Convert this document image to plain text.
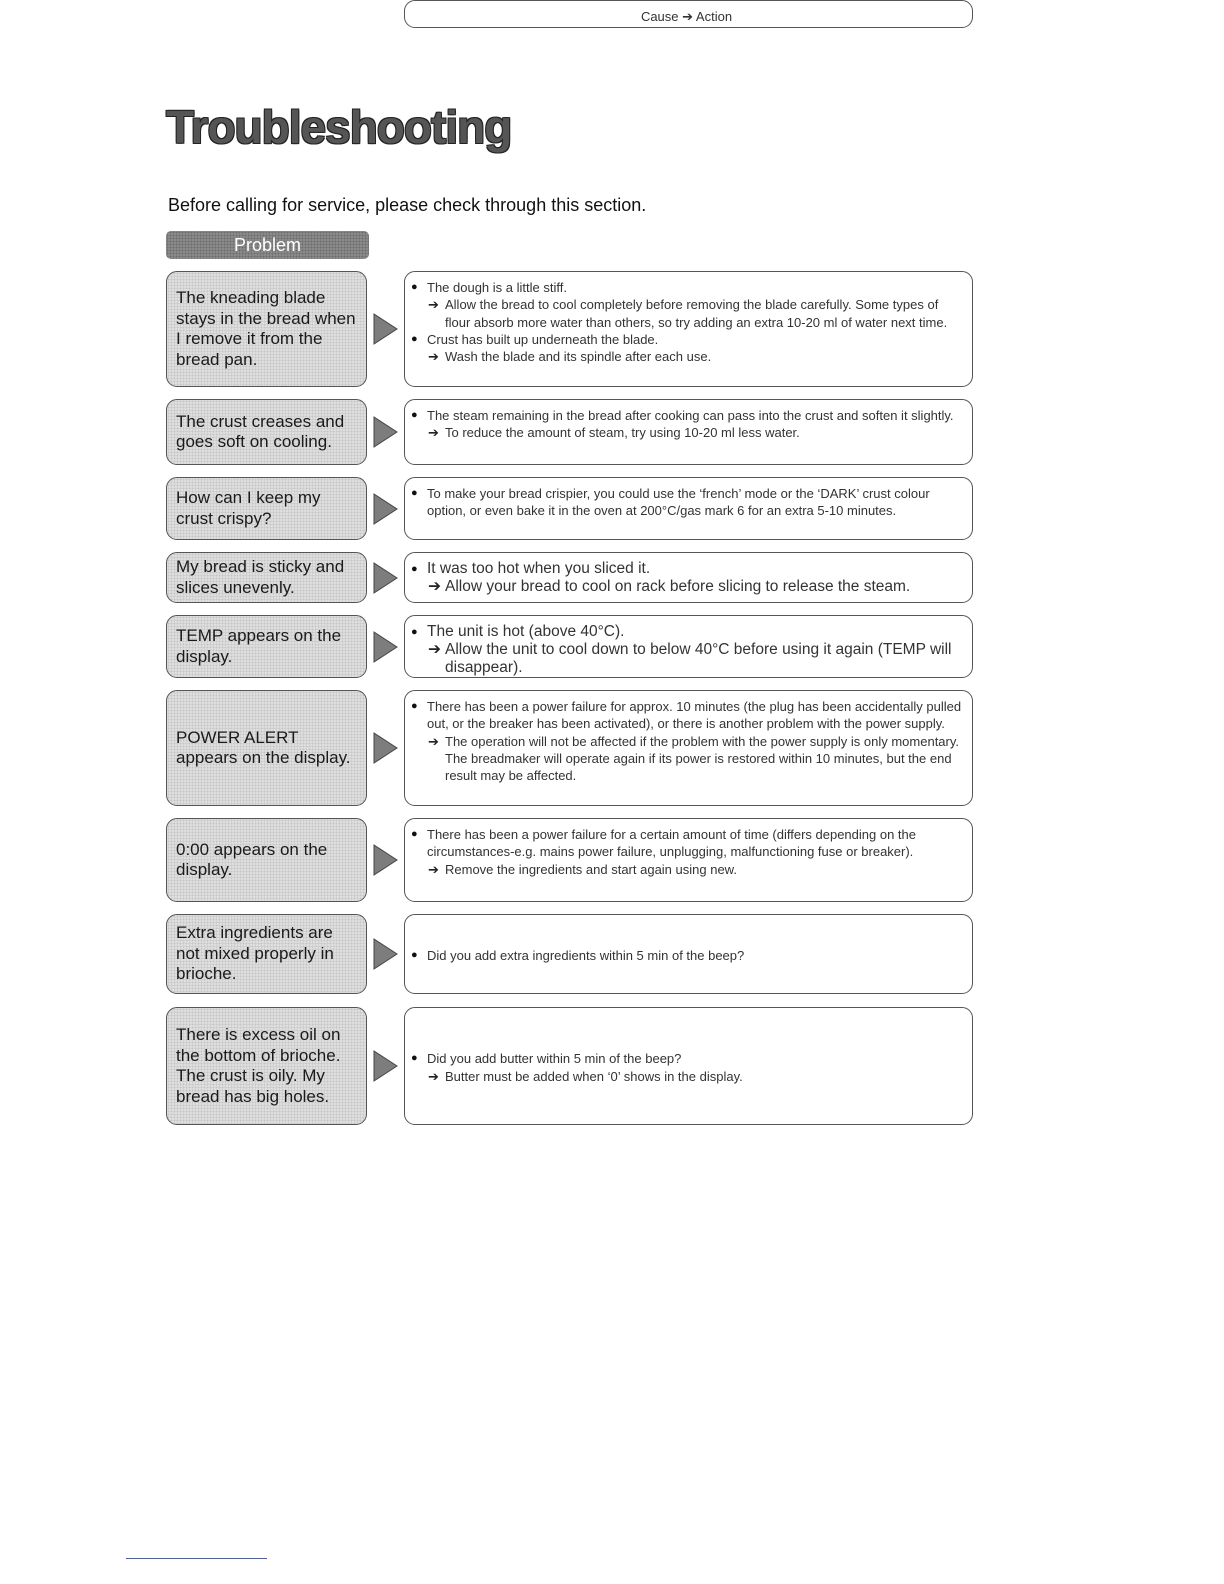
Troubleshooting
Before calling for service, please check through this section.
Problem
Cause ➔ Action
The kneading blade stays in the bread when I remove it from the bread pan.
● The dough is a little stiff.
➔ Allow the bread to cool completely before removing the blade carefully. Some types of flour absorb more water than others, so try adding an extra 10-20 ml of water next time.
● Crust has built up underneath the blade.
➔ Wash the blade and its spindle after each use.
The crust creases and goes soft on cooling.
● The steam remaining in the bread after cooking can pass into the crust and soften it slightly.
➔ To reduce the amount of steam, try using 10-20 ml less water.
How can I keep my crust crispy?
● To make your bread crispier, you could use the ‘french’ mode or the ‘DARK’ crust colour option, or even bake it in the oven at 200°C/gas mark 6 for an extra 5-10 minutes.
My bread is sticky and slices unevenly.
● It was too hot when you sliced it.
➔ Allow your bread to cool on rack before slicing to release the steam.
TEMP appears on the display.
● The unit is hot (above 40°C).
➔ Allow the unit to cool down to below 40°C before using it again (TEMP will disappear).
POWER ALERT appears on the display.
● There has been a power failure for approx. 10 minutes (the plug has been accidentally pulled out, or the breaker has been activated), or there is another problem with the power supply.
➔ The operation will not be affected if the problem with the power supply is only momentary. The breadmaker will operate again if its power is restored within 10 minutes, but the end result may be affected.
0:00 appears on the display.
● There has been a power failure for a certain amount of time (differs depending on the circumstances-e.g. mains power failure, unplugging, malfunctioning fuse or breaker).
➔ Remove the ingredients and start again using new.
Extra ingredients are not mixed properly in brioche.
● Did you add extra ingredients within 5 min of the beep?
There is excess oil on the bottom of brioche. The crust is oily. My bread has big holes.
● Did you add butter within 5 min of the beep?
➔ Butter must be added when ‘0’ shows in the display.
